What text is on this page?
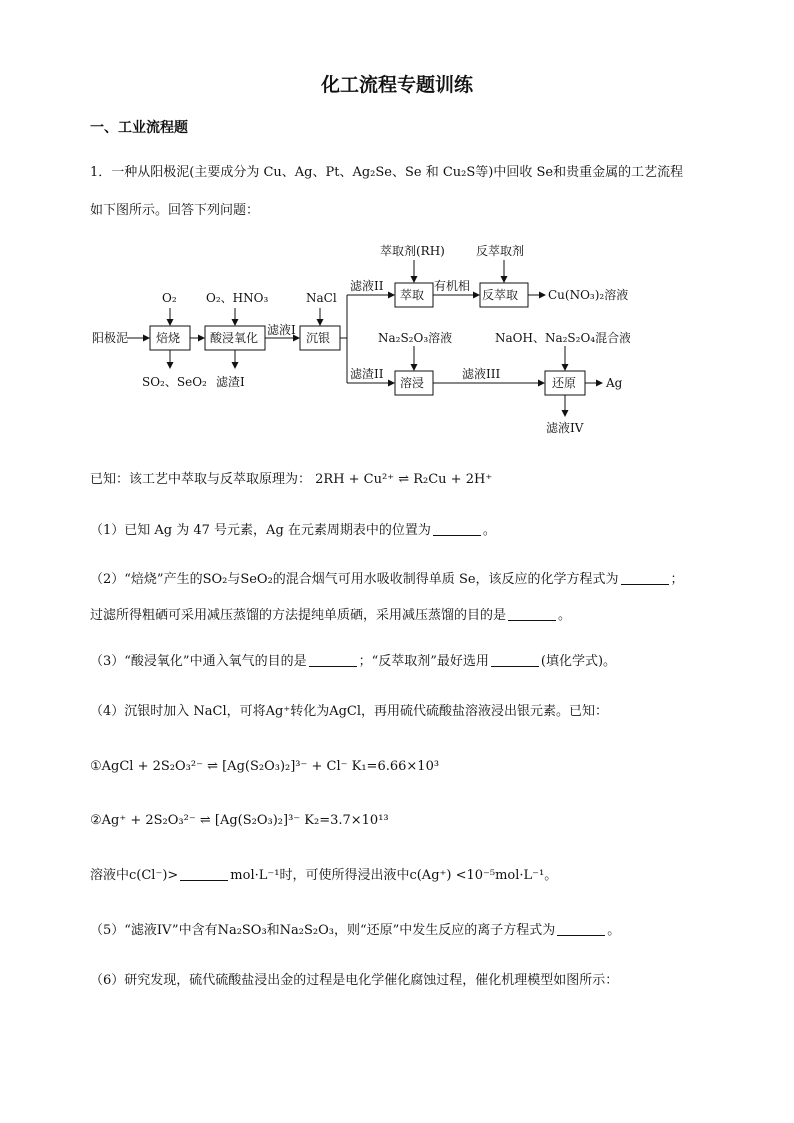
化工流程专题训练
一、工业流程题
1．一种从阳极泥(主要成分为 Cu、Ag、Pt、Ag₂Se、Se 和 Cu₂S等)中回收 Se和贵重金属的工艺流程
如下图所示。回答下列问题：
阳极泥 焙烧 酸浸氧化	沉银
萃取	反萃取
溶浸	还原
O₂ O₂、HNO₃	NaCl
SO₂、SeO₂ 滤渣I
滤液I
滤液II
滤渣II
萃取剂(RH)	反萃取剂
有机相
Cu(NO₃)₂溶液
Na₂S₂O₃溶液
滤液III
NaOH、Na₂S₂O₄混合液
Ag
滤液IV
已知：该工艺中萃取与反萃取原理为： 2RH + Cu²⁺ ⇌ R₂Cu + 2H⁺
（1）已知 Ag 为 47 号元素，Ag 在元素周期表中的位置为	。
（2）“焙烧”产生的SO₂与SeO₂的混合烟气可用水吸收制得单质 Se，该反应的化学方程式为	；
过滤所得粗硒可采用减压蒸馏的方法提纯单质硒，采用减压蒸馏的目的是	。
（3）“酸浸氧化”中通入氧气的目的是	；“反萃取剂”最好选用	(填化学式)。
（4）沉银时加入 NaCl，可将Ag⁺转化为AgCl，再用硫代硫酸盐溶液浸出银元素。已知：
①AgCl + 2S₂O₃²⁻ ⇌ [Ag(S₂O₃)₂]³⁻ + Cl⁻ K₁=6.66×10³
②Ag⁺ + 2S₂O₃²⁻ ⇌ [Ag(S₂O₃)₂]³⁻ K₂=3.7×10¹³
溶液中c(Cl⁻)>	mol·L⁻¹时，可使所得浸出液中c(Ag⁺) <10⁻⁵mol·L⁻¹。
（5）“滤液IV”中含有Na₂SO₃和Na₂S₂O₃，则“还原”中发生反应的离子方程式为	。
（6）研究发现，硫代硫酸盐浸出金的过程是电化学催化腐蚀过程，催化机理模型如图所示：
